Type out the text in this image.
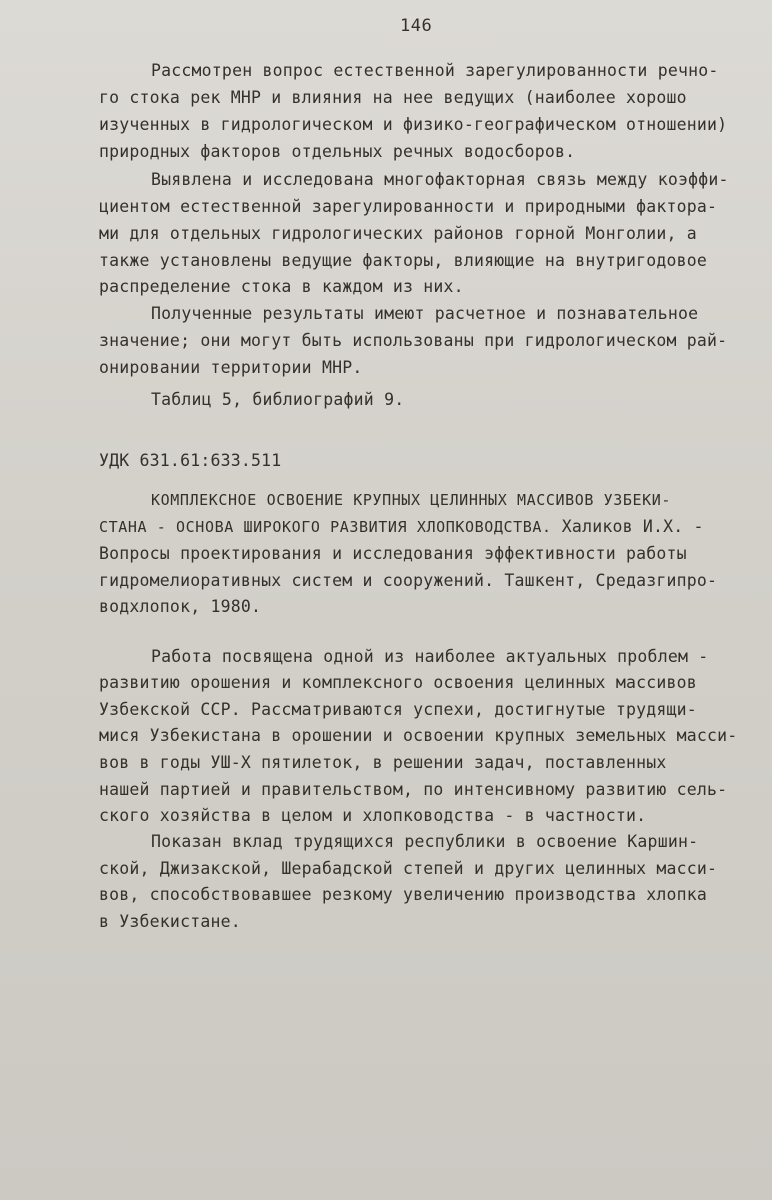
146
Рассмотрен вопрос естественной зарегулированности речно-
го стока рек МНР и влияния на нее ведущих (наиболее хорошо
изученных в гидрологическом и физико-географическом отношении)
природных факторов отдельных речных водосборов.
Выявлена и исследована многофакторная связь между коэффи-
циентом естественной зарегулированности и природными фактора-
ми для отдельных гидрологических районов горной Монголии, а
также установлены ведущие факторы, влияющие на внутригодовое
распределение стока в каждом из них.
Полученные результаты имеют расчетное и познавательное
значение; они могут быть использованы при гидрологическом рай-
онировании территории МНР.
Таблиц 5, библиографий 9.
УДК 631.61:633.511
КОМПЛЕКСНОЕ ОСВОЕНИЕ КРУПНЫХ ЦЕЛИННЫХ МАССИВОВ УЗБЕКИ-
СТАНА - ОСНОВА ШИРОКОГО РАЗВИТИЯ ХЛОПКОВОДСТВА. Халиков И.Х. -
Вопросы проектирования и исследования эффективности работы
гидромелиоративных систем и сооружений. Ташкент, Средазгипро-
водхлопок, 1980.
Работа посвящена одной из наиболее актуальных проблем -
развитию орошения и комплексного освоения целинных массивов
Узбекской ССР. Рассматриваются успехи, достигнутые трудящи-
мися Узбекистана в орошении и освоении крупных земельных масси-
вов в годы УШ-Х пятилеток, в решении задач, поставленных
нашей партией и правительством, по интенсивному развитию сель-
ского хозяйства в целом и хлопководства - в частности.
Показан вклад трудящихся республики в освоение Каршин-
ской, Джизакской, Шерабадской степей и других целинных масси-
вов, способствовавшее резкому увеличению производства хлопка
в Узбекистане.
